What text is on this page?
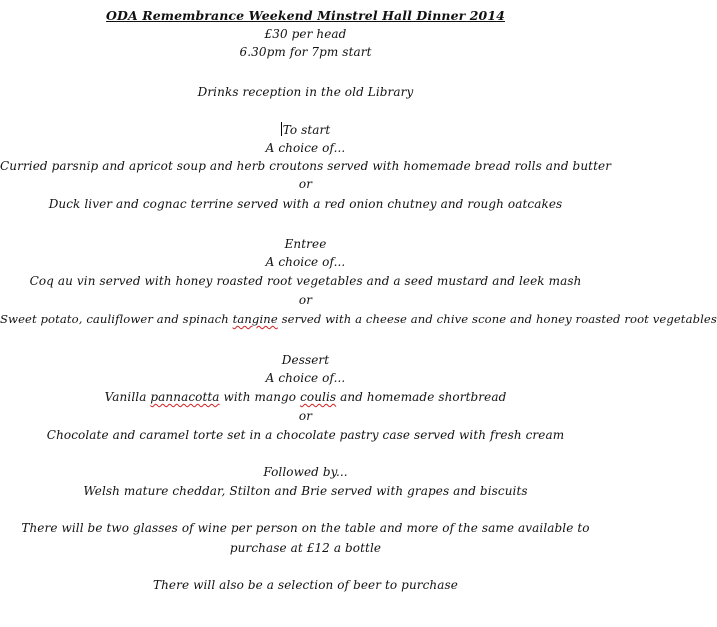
ODA Remembrance Weekend Minstrel Hall Dinner 2014
£30 per head
6.30pm for 7pm start
Drinks reception in the old Library
To start
A choice of...
Curried parsnip and apricot soup and herb croutons served with homemade bread rolls and butter
or
Duck liver and cognac terrine served with a red onion chutney and rough oatcakes
Entree
A choice of...
Coq au vin served with honey roasted root vegetables and a seed mustard and leek mash
or
Sweet potato, cauliflower and spinach tangine served with a cheese and chive scone and honey roasted root vegetables
Dessert
A choice of...
Vanilla pannacotta with mango coulis and homemade shortbread
or
Chocolate and caramel torte set in a chocolate pastry case served with fresh cream
Followed by...
Welsh mature cheddar, Stilton and Brie served with grapes and biscuits
There will be two glasses of wine per person on the table and more of the same available to
purchase at £12 a bottle
There will also be a selection of beer to purchase
